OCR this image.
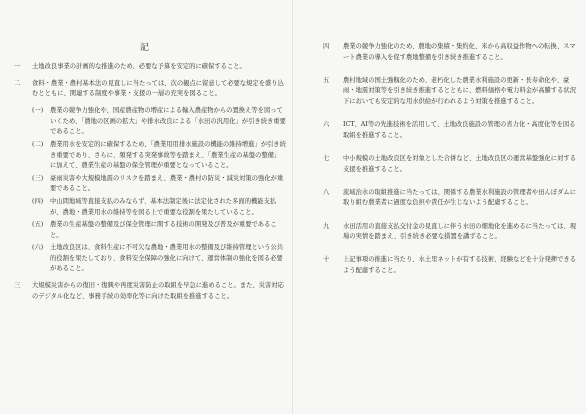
記
一	土地改良事業の計画的な推進のため、必要な予算を安定的に確保すること。
二	食料・農業・農村基本法の見直しに当たっては、次の観点に留意して必要な規定を盛り込むとともに、関連する制度や事業・支援の一層の充実を図ること。
(一)	農業の競争力強化や、国産農産物の増産による輸入農産物からの置換え等を図っていくため、「農地の区画の拡大」や排水改良による「水田の汎用化」が引き続き重要であること。
(二)	農業用水を安定的に確保するため、「農業用用排水施設の機能の維持増進」が引き続き重要であり、さらに、頻発する突発事故等を踏まえ、「農業生産の基盤の整備」に加えて、農業生産の基盤の保全管理が重要となっていること。
(三)	豪雨災害や大規模地震のリスクを踏まえ、農業・農村の防災・減災対策の強化が重要であること。
(四)	中山間地域等直接支払のみならず、基本法制定後に法定化された多面的機能支払が、農地・農業用水の維持等を図る上で重要な役割を果たしていること。
(五)	農業の生産基盤の整備及び保全管理に関する技術の開発及び普及が重要であること。
(六)	土地改良区は、食料生産に不可欠な農地・農業用水の整備及び維持管理という公共的役割を果たしており、食料安全保障の強化に向けて、運営体制の強化を図る必要があること。
三	大規模災害からの復旧・復興や再度災害防止の取組を早急に進めること。また、災害対応のデジタル化など、事務手続の効率化等に向けた取組を推進すること。
四	農業の競争力強化のため、農地の集積・集約化、米から高収益作物への転換、スマート農業の導入を促す農地整備を引き続き推進すること。
五	農村地域の国土強靱化のため、老朽化した農業水利施設の更新・長寿命化や、豪雨・地震対策等を引き続き推進するとともに、燃料価格や電力料金が高騰する状況下においても安定的な用水供給が行われるよう対策を推進すること。
六	ICT、AI等の先進技術を活用して、土地改良施設の管理の省力化・高度化等を図る取組を推進すること。
七	中小規模の土地改良区を対象とした合併など、土地改良区の運営基盤強化に対する支援を推進すること。
八	流域治水の取組推進に当たっては、関係する農業水利施設の管理者や田んぼダムに取り組む農業者に過度な負担や責任が生じないよう配慮すること。
九	水田活用の直接支払交付金の見直しに伴う水田の畑地化を進めるに当たっては、現場の実情を踏まえ、引き続き必要な措置を講ずること。
十	上記事項の推進に当たり、水土里ネットが有する技術、経験などを十分発揮できるよう配慮すること。
